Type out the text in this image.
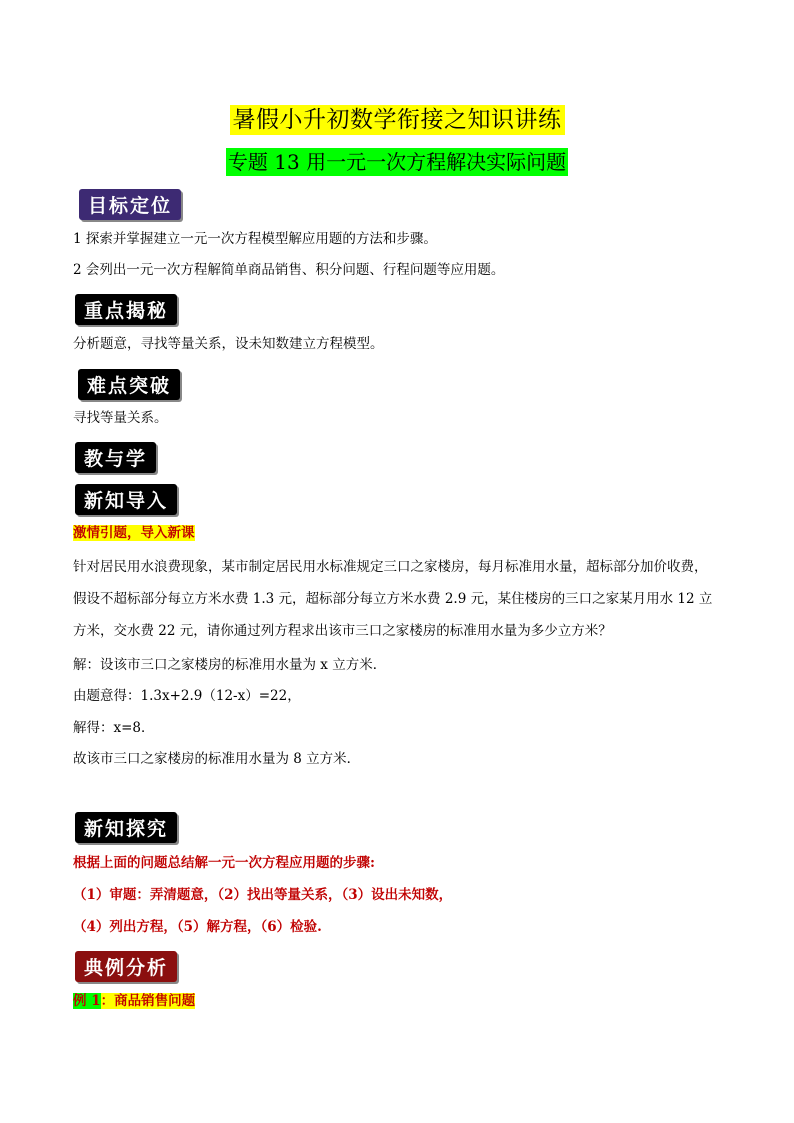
暑假小升初数学衔接之知识讲练
专题 13 用一元一次方程解决实际问题
目标定位
1 探索并掌握建立一元一次方程模型解应用题的方法和步骤。
2 会列出一元一次方程解简单商品销售、积分问题、行程问题等应用题。
重点揭秘
分析题意，寻找等量关系，设未知数建立方程模型。
难点突破
寻找等量关系。
教与学
新知导入
激情引题，导入新课
针对居民用水浪费现象，某市制定居民用水标准规定三口之家楼房，每月标准用水量，超标部分加价收费，
假设不超标部分每立方米水费 1.3 元，超标部分每立方米水费 2.9 元，某住楼房的三口之家某月用水 12 立
方米，交水费 22 元，请你通过列方程求出该市三口之家楼房的标准用水量为多少立方米？
解：设该市三口之家楼房的标准用水量为 x 立方米．
由题意得：1.3x+2.9（12-x）=22，
解得：x=8．
故该市三口之家楼房的标准用水量为 8 立方米．
新知探究
根据上面的问题总结解一元一次方程应用题的步骤:
（1）审题：弄清题意，（2）找出等量关系，（3）设出未知数，
（4）列出方程，（5）解方程，（6）检验.
典例分析
例 1：商品销售问题
